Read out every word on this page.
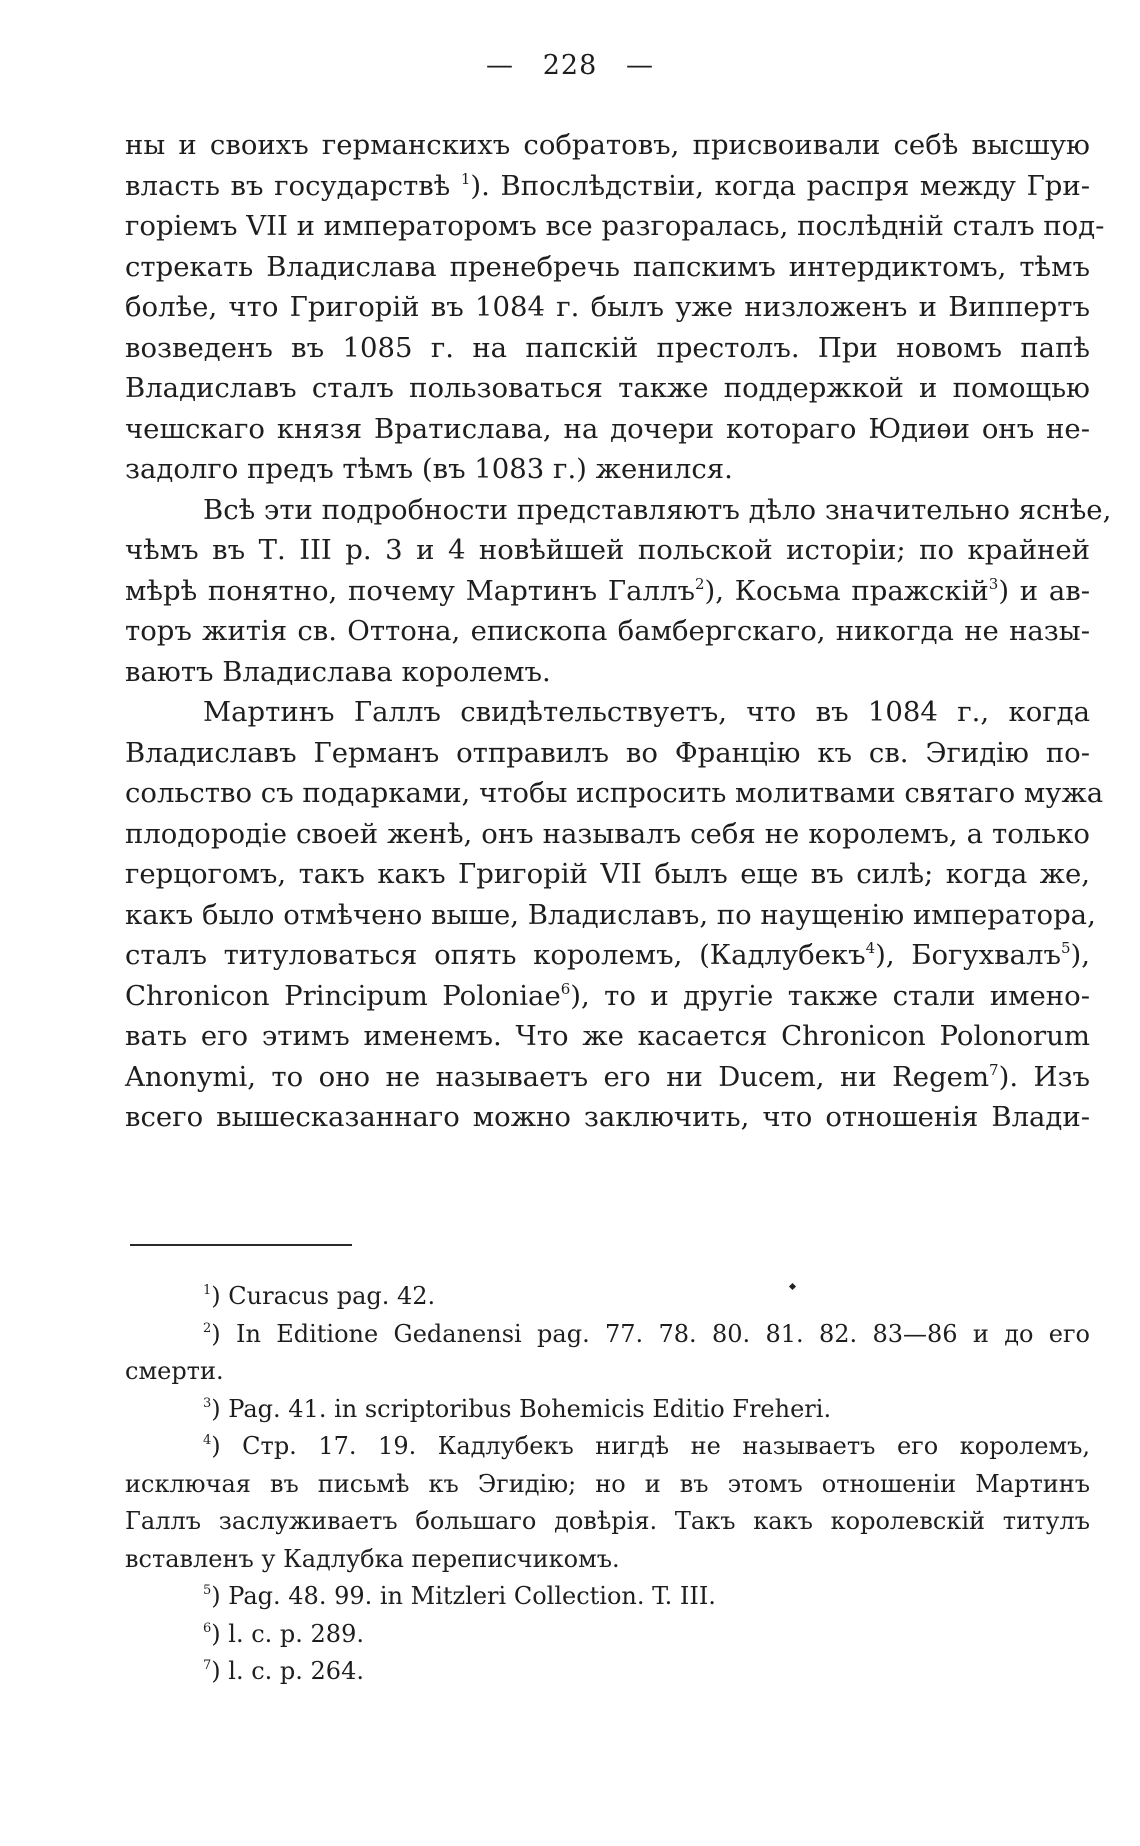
—   228   —
ны и своихъ германскихъ собратовъ, присвоивали себѣ высшую
власть въ государствѣ $^1$). Впослѣдствіи, когда распря между Гри-
горіемъ VII и императоромъ все разгоралась, послѣдній сталъ под-
стрекать Владислава пренебречь папскимъ интердиктомъ, тѣмъ
болѣе, что Григорій въ 1084 г. былъ уже низложенъ и Виппертъ
возведенъ въ 1085 г. на папскій престолъ. При новомъ папѣ
Владиславъ сталъ пользоваться также поддержкой и помощью
чешскаго князя Вратислава, на дочери котораго Юдиѳи онъ не-
задолго предъ тѣмъ (въ 1083 г.) женился.
Всѣ эти подробности представляютъ дѣло значительно яснѣе,
чѣмъ въ Т. III р. 3 и 4 новѣйшей польской исторіи; по крайней
мѣрѣ понятно, почему Мартинъ Галлъ$^2$), Косьма пражскій$^3$) и ав-
торъ житія св. Оттона, епископа бамбергскаго, никогда не назы-
ваютъ Владислава королемъ.
Мартинъ Галлъ свидѣтельствуетъ, что въ 1084 г., когда
Владиславъ Германъ отправилъ во Францію къ св. Эгидію по-
сольство съ подарками, чтобы испросить молитвами святаго мужа
плодородіе своей женѣ, онъ называлъ себя не королемъ, а только
герцогомъ, такъ какъ Григорій VII былъ еще въ силѣ; когда же,
какъ было отмѣчено выше, Владиславъ, по наущенію императора,
сталъ титуловаться опять королемъ, (Кадлубекъ$^4$), Богухвалъ$^5$),
Chronicon Principum Poloniae$^6$), то и другіе также стали имено-
вать его этимъ именемъ. Что же касается Chronicon Polonorum
Anonymi, то оно не называетъ его ни Ducem, ни Regem$^7$). Изъ
всего вышесказаннаго можно заключить, что отношенія Влади-
$^1$) Curacus pag. 42.
$^2$) In Editione Gedanensi pag. 77. 78. 80. 81. 82. 83—86 и до его
смерти.
$^3$) Pag. 41. in scriptoribus Bohemicis Editio Freheri.
$^4$) Стр. 17. 19. Кадлубекъ нигдѣ не называетъ его королемъ,
исключая въ письмѣ къ Эгидію; но и въ этомъ отношеніи Мартинъ
Галлъ заслуживаетъ большаго довѣрія. Такъ какъ королевскій титулъ
вставленъ у Кадлубка переписчикомъ.
$^5$) Pag. 48. 99. in Mitzleri Collection. T. III.
$^6$) l. c. p. 289.
$^7$) l. c. p. 264.
